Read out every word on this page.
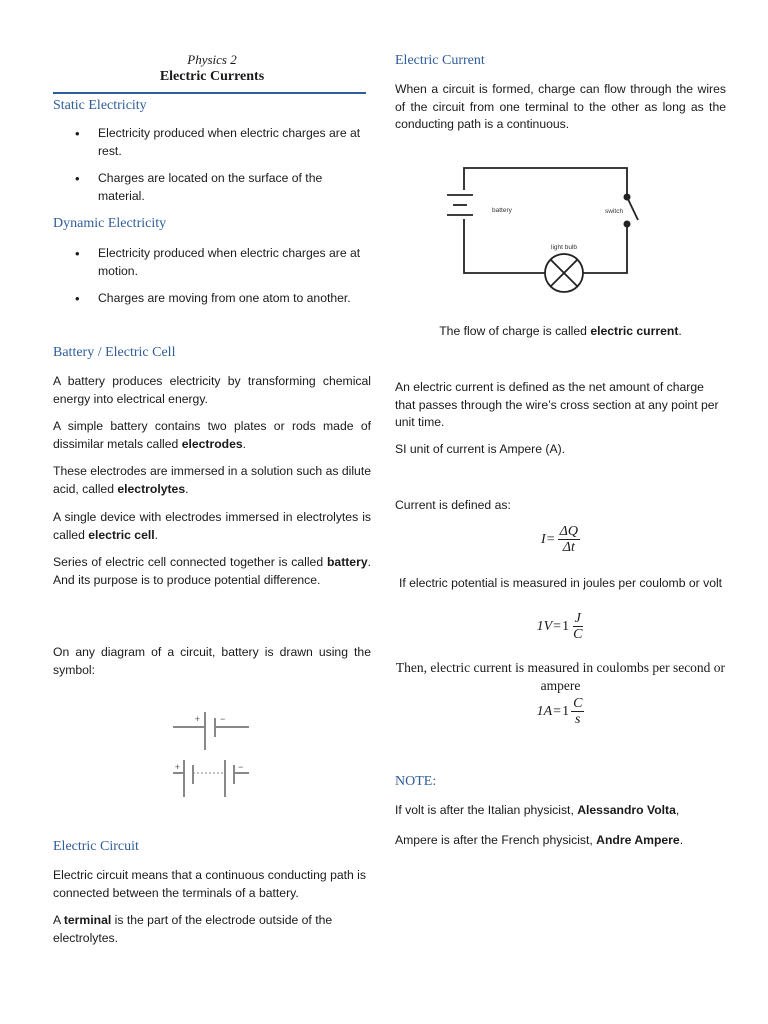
Physics 2
Electric Currents
Static Electricity
• Electricity produced when electric charges are at rest.
• Charges are located on the surface of the material.
Dynamic Electricity
• Electricity produced when electric charges are at motion.
• Charges are moving from one atom to another.
Battery / Electric Cell

A battery produces electricity by transforming chemical energy into electrical energy.

A simple battery contains two plates or rods made of dissimilar metals called electrodes.

These electrodes are immersed in a solution such as dilute acid, called electrolytes.

A single device with electrodes immersed in electrolytes is called electric cell.

Series of electric cell connected together is called battery. And its purpose is to produce potential difference.

On any diagram of a circuit, battery is drawn using the symbol:

+ −
+	−
Electric Circuit

Electric circuit means that a continuous conducting path is connected between the terminals of a battery.

A terminal is the part of the electrode outside of the electrolytes.

Electric Current

When a circuit is formed, charge can flow through the wires of the circuit from one terminal to the other as long as the conducting path is a continuous.

battery	switch
light bulb

The flow of charge is called electric current.

An electric current is defined as the net amount of charge that passes through the wire’s cross section at any point per unit time.

SI unit of current is Ampere (A).

Current is defined as:

$I = \frac{\Delta Q}{\Delta t}$

If electric potential is measured in joules per coulomb or volt

$1V = 1 \frac{J}{C}$

Then, electric current is measured in coulombs per second or ampere

$1A = 1 \frac{C}{s}$
NOTE:

If volt is after the Italian physicist, Alessandro Volta,

Ampere is after the French physicist, Andre Ampere.
